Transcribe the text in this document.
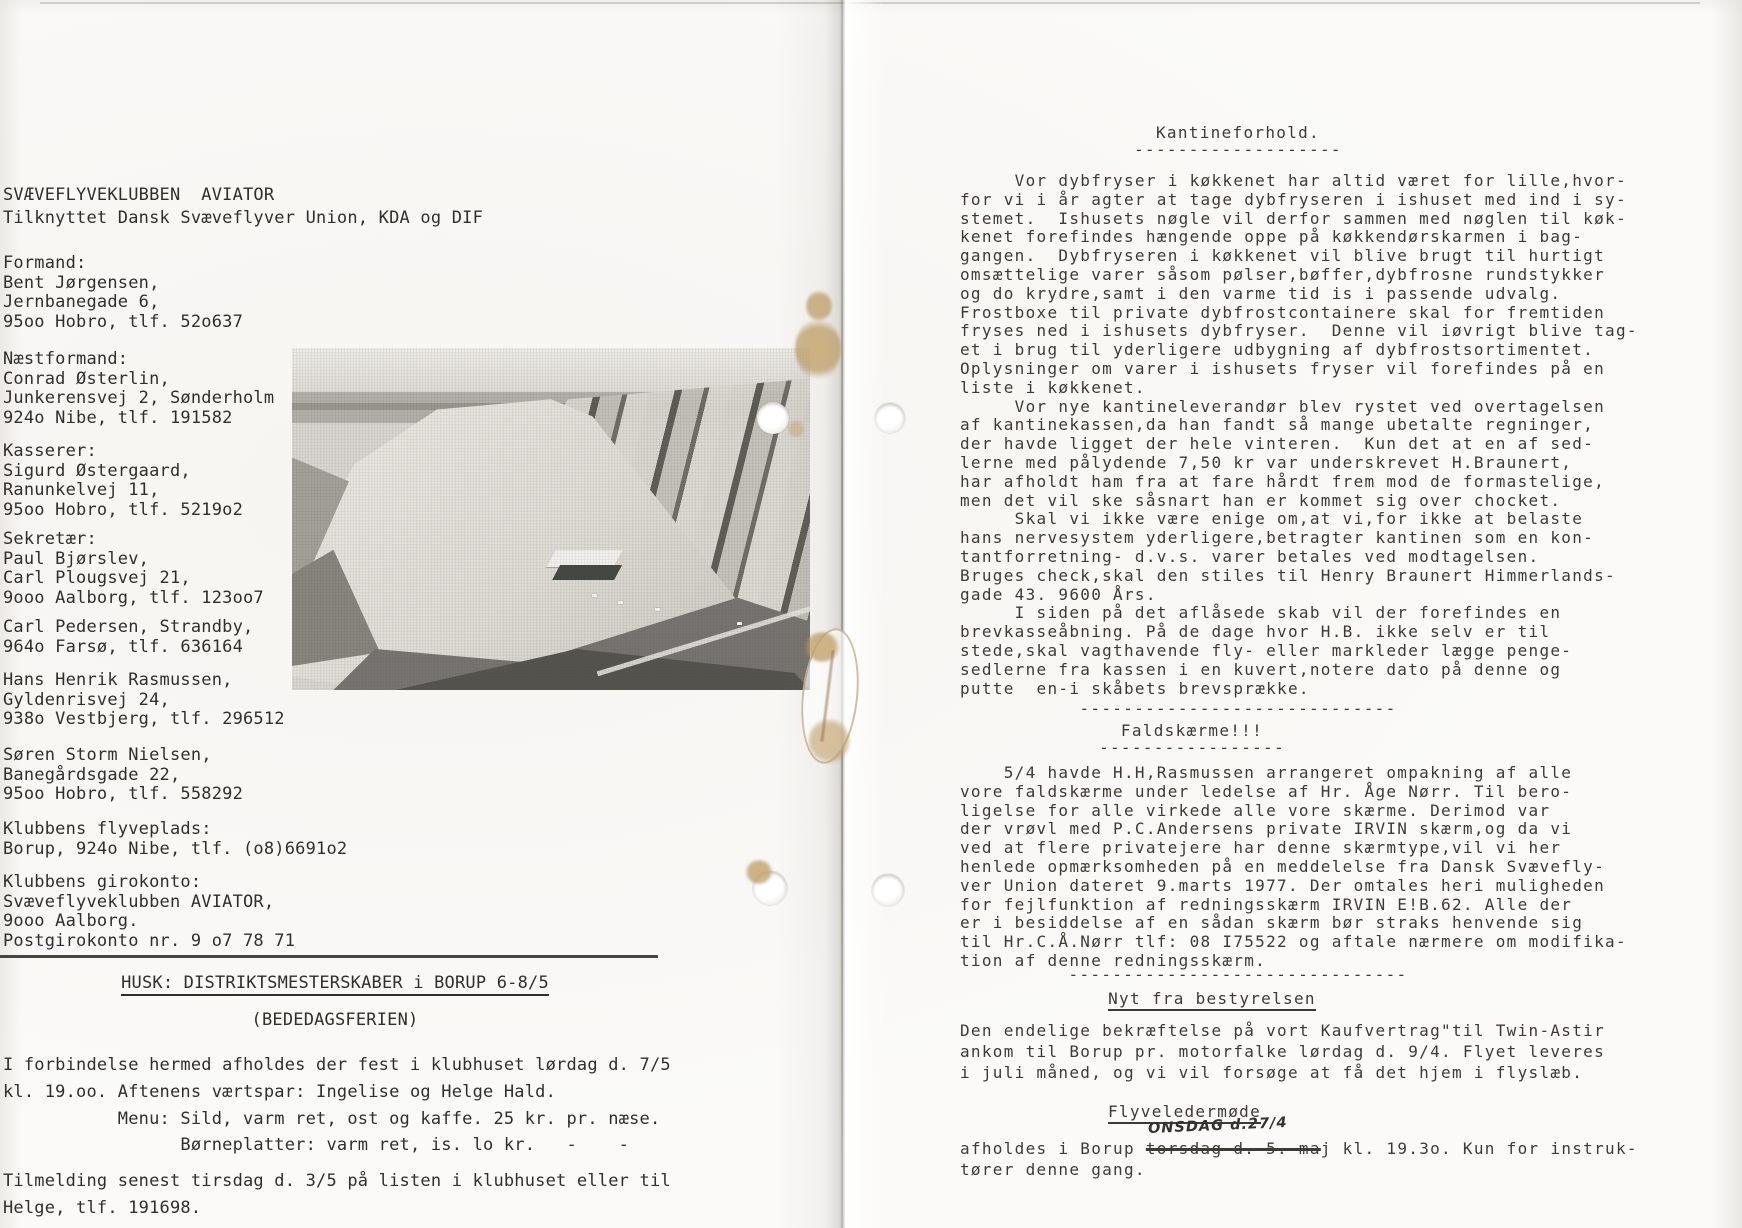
SVÆVEFLYVEKLUBBEN  AVIATOR
Tilknyttet Dansk Svæveflyver Union, KDA og DIF
Formand:
Bent Jørgensen,
Jernbanegade 6,
95oo Hobro, tlf. 52o637
Næstformand:
Conrad Østerlin,
Junkerensvej 2, Sønderholm
924o Nibe, tlf. 191582
Kasserer:
Sigurd Østergaard,
Ranunkelvej 11,
95oo Hobro, tlf. 5219o2
Sekretær:
Paul Bjørslev,
Carl Plougsvej 21,
9ooo Aalborg, tlf. 123oo7
Carl Pedersen, Strandby,
964o Farsø, tlf. 636164
Hans Henrik Rasmussen,
Gyldenrisvej 24,
938o Vestbjerg, tlf. 296512
Søren Storm Nielsen,
Banegårdsgade 22,
95oo Hobro, tlf. 558292
Klubbens flyveplads:
Borup, 924o Nibe, tlf. (o8)6691o2
Klubbens girokonto:
Svæveflyveklubben AVIATOR,
9ooo Aalborg.
Postgirokonto nr. 9 o7 78 71
HUSK: DISTRIKTSMESTERSKABER i BORUP 6-8/5
(BEDEDAGSFERIEN)
I forbindelse hermed afholdes der fest i klubhuset lørdag d. 7/5
kl. 19.oo. Aftenens værtspar: Ingelise og Helge Hald.
Menu: Sild, varm ret, ost og kaffe. 25 kr. pr. næse.
Børneplatter: varm ret, is. lo kr.   -    -
Tilmelding senest tirsdag d. 3/5 på listen i klubhuset eller til
Helge, tlf. 191698.
Kantineforhold.
-------------------
Vor dybfryser i køkkenet har altid været for lille,hvor-
for vi i år agter at tage dybfryseren i ishuset med ind i sy-
stemet.  Ishusets nøgle vil derfor sammen med nøglen til køk-
kenet forefindes hængende oppe på køkkendørskarmen i bag-
gangen.  Dybfryseren i køkkenet vil blive brugt til hurtigt
omsættelige varer såsom pølser,bøffer,dybfrosne rundstykker
og do krydre,samt i den varme tid is i passende udvalg.
Frostboxe til private dybfrostcontainere skal for fremtiden
fryses ned i ishusets dybfryser.  Denne vil iøvrigt blive tag-
et i brug til yderligere udbygning af dybfrostsortimentet.
Oplysninger om varer i ishusets fryser vil forefindes på en
liste i køkkenet.
Vor nye kantineleverandør blev rystet ved overtagelsen
af kantinekassen,da han fandt så mange ubetalte regninger,
der havde ligget der hele vinteren.  Kun det at en af sed-
lerne med pålydende 7,50 kr var underskrevet H.Braunert,
har afholdt ham fra at fare hårdt frem mod de formastelige,
men det vil ske såsnart han er kommet sig over chocket.
Skal vi ikke være enige om,at vi,for ikke at belaste
hans nervesystem yderligere,betragter kantinen som en kon-
tantforretning- d.v.s. varer betales ved modtagelsen.
Bruges check,skal den stiles til Henry Braunert Himmerlands-
gade 43. 9600 Års.
I siden på det aflåsede skab vil der forefindes en
brevkasseåbning. På de dage hvor H.B. ikke selv er til
stede,skal vagthavende fly- eller markleder lægge penge-
sedlerne fra kassen i en kuvert,notere dato på denne og
putte  en-i skåbets brevsprække.
-----------------------------
Faldskærme!!!
-----------------
5/4 havde H.H,Rasmussen arrangeret ompakning af alle
vore faldskærme under ledelse af Hr. Åge Nørr. Til bero-
ligelse for alle virkede alle vore skærme. Derimod var
der vrøvl med P.C.Andersens private IRVIN skærm,og da vi
ved at flere privatejere har denne skærmtype,vil vi her
henlede opmærksomheden på en meddelelse fra Dansk Svævefly-
ver Union dateret 9.marts 1977. Der omtales heri muligheden
for fejlfunktion af redningsskærm IRVIN E!B.62. Alle der
er i besiddelse af en sådan skærm bør straks henvende sig
til Hr.C.Å.Nørr tlf: 08 I75522 og aftale nærmere om modifika-
tion af denne redningsskærm.
-------------------------------
Nyt fra bestyrelsen
Den endelige bekræftelse på vort Kaufvertrag"til Twin-Astir
ankom til Borup pr. motorfalke lørdag d. 9/4. Flyet leveres
i juli måned, og vi vil forsøge at få det hjem i flyslæb.
Flyveledermøde
ONSDAG d.27/4
afholdes i Borup torsdag d. 5. maj kl. 19.3o. Kun for instruk-
tører denne gang.
